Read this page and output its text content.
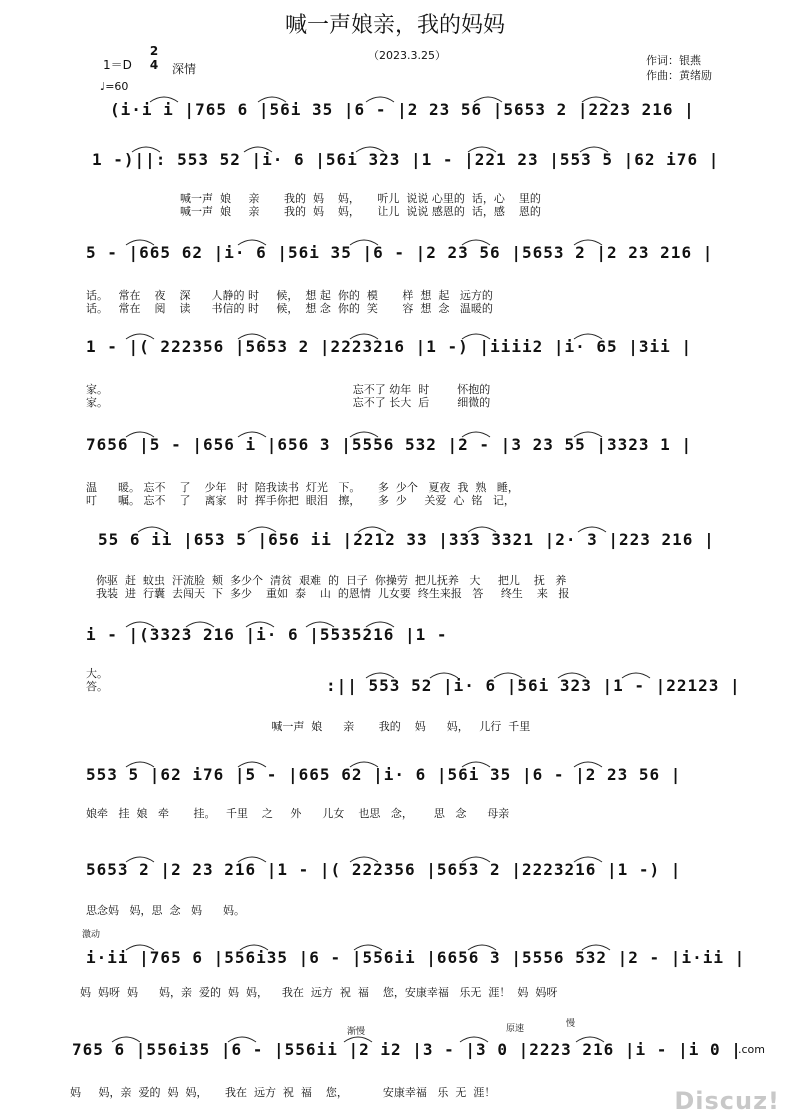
喊一声娘亲，我的妈妈
（2023.3.25）	作词：银燕
作曲：黄绪励
1＝D
2
4 深情
♩=60
(i·i i |765 6 |56i 35 |6 - |2 23 56 |5653 2 |2223 216 |
1 -)||: 553 52 |i· 6 |56i 323 |1 - |221 23 |553 5 |62 i76 |
喊一声  娘     亲       我的  妈    妈，     听儿  说说 心里的  话，心    里的
喊一声  娘     亲       我的  妈    妈，     让儿  说说 感恩的  话，感    恩的
5 - |665 62 |i· 6 |56i 35 |6 - |2 23 56 |5653 2 |2 23 216 |
话。   常在    夜    深      人静的 时     候，  想 起  你的  模       样  想  起   远方的
话。   常在    阅    读      书信的 时     候，  想 念  你的  笑       容  想  念   温暖的
1 - |( 222356 |5653 2 |2223216 |1 -) |iiii2 |i· 65 |3ii |
家。                                                                      忘不了 幼年  时        怀抱的
家。                                                                      忘不了 长大  后        细微的
7656 |5 - |656 i |656 3 |5556 532 |2 - |3 23 55 |3323 1 |
温      暖。 忘不    了    少年   时  陪我读书  灯光   下。     多  少个   夏夜  我  熟   睡，
叮      嘱。 忘不    了    离家   时  挥手你把  眼泪   擦，     多  少     关爱  心  铭   记，
55 6 ii |653 5 |656 ii |2212 33 |333 3321 |2· 3 |223 216 |
你驱  赶  蚊虫  汗流脸  颊  多少个  清贫  艰难  的  日子  你操劳  把儿抚养   大     把儿    抚   养
我装  进  行囊  去闯天  下  多少    重如  泰    山  的恩情  儿女要  终生来报   答     终生    来   报
i - |(3323 216 |i· 6 |5535216 |1 -
大。
答。	:|| 553 52 |i· 6 |56i 323 |1 - |22123 |
喊一声  娘      亲       我的    妈      妈，   儿行  千里
553 5 |62 i76 |5 - |665 62 |i· 6 |56i 35 |6 - |2 23 56 |
娘牵   挂  娘   牵       挂。   千里    之     外      儿女    也思   念，      思   念      母亲
5653 2 |2 23 216 |1 - |( 222356 |5653 2 |2223216 |1 -) |
思念妈   妈，思  念   妈      妈。
i·ii |765 6 |556i35 |6 - |556ii |6656 3 |5556 532 |2 - |i·ii |
妈  妈呀  妈      妈，亲  爱的  妈  妈，    我在  远方  祝  福    您，安康幸福   乐无  涯！  妈  妈呀
765 6 |556i35 |6 - |556ii |2 i2 |3 - |3 0 |2223 216 |i - |i 0 |
妈     妈，亲  爱的  妈  妈，     我在  远方  祝  福    您，          安康幸福   乐  无  涯！
激动
渐慢	原速	慢
Discuz!
.com
